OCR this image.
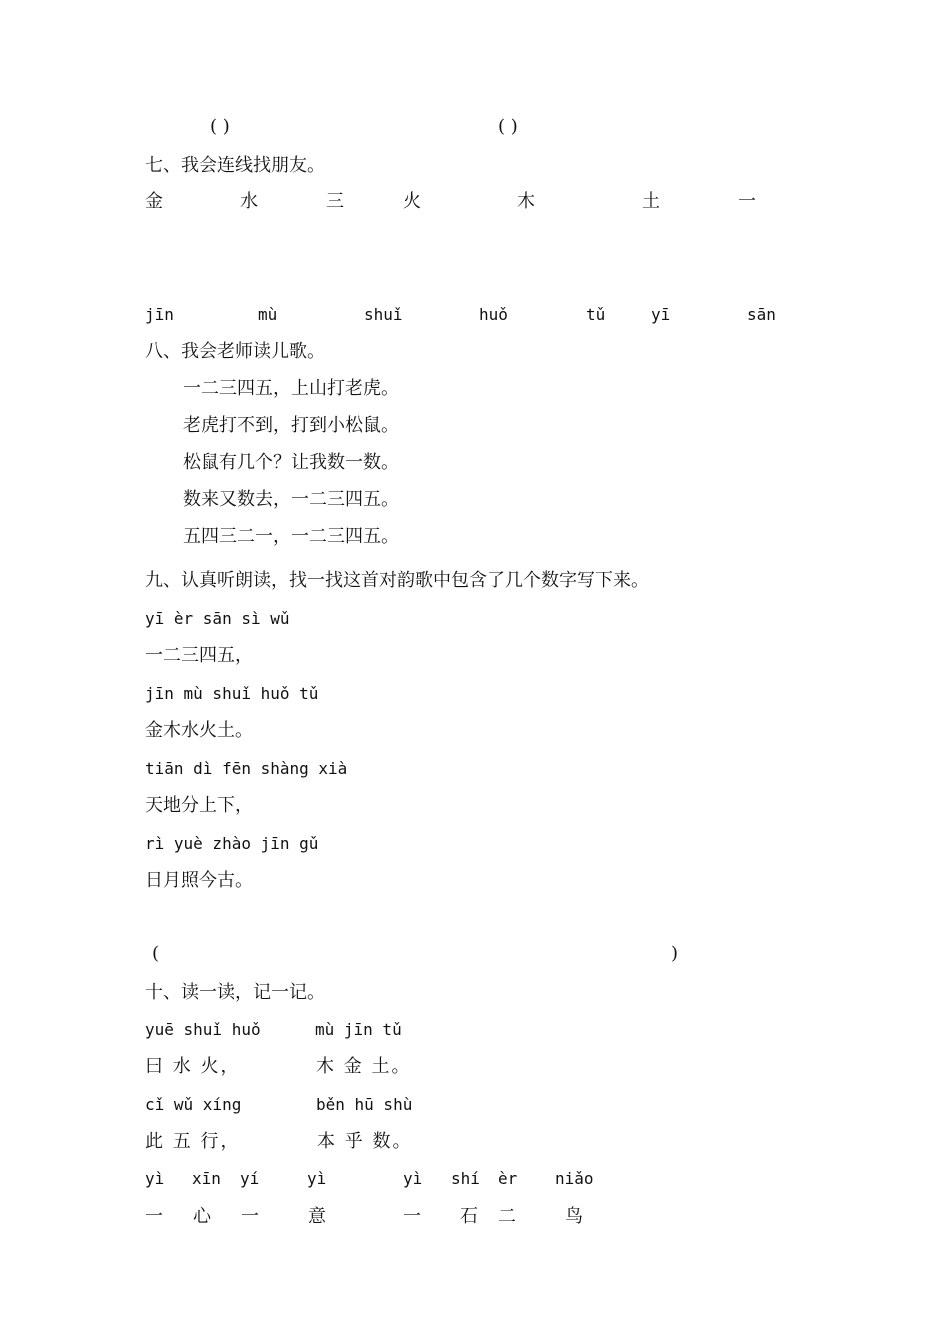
( )	( )
七、我会连线找朋友。
金	水	三	火	木	土	一
jīn	mù	shuǐ	huǒ	tǔ	yī	sān
八、我会老师读儿歌。
一二三四五，上山打老虎。
老虎打不到，打到小松鼠。
松鼠有几个？让我数一数。
数来又数去，一二三四五。
五四三二一，一二三四五。
九、认真听朗读，找一找这首对韵歌中包含了几个数字写下来。
yī èr sān sì wǔ
一二三四五，
jīn mù shuǐ huǒ tǔ
金木水火土。
tiān dì fēn shàng xià
天地分上下，
rì yuè zhào jīn gǔ
日月照今古。
(	)
十、读一读，记一记。
yuē shuǐ huǒ	mù jīn tǔ
曰 水 火，	木 金 土。
cǐ wǔ xíng	běn hū shù
此 五 行，	本 乎 数。
yì xīn yí	yì	yì shí èr niǎo
一 心 一	意	一 石 二	鸟
